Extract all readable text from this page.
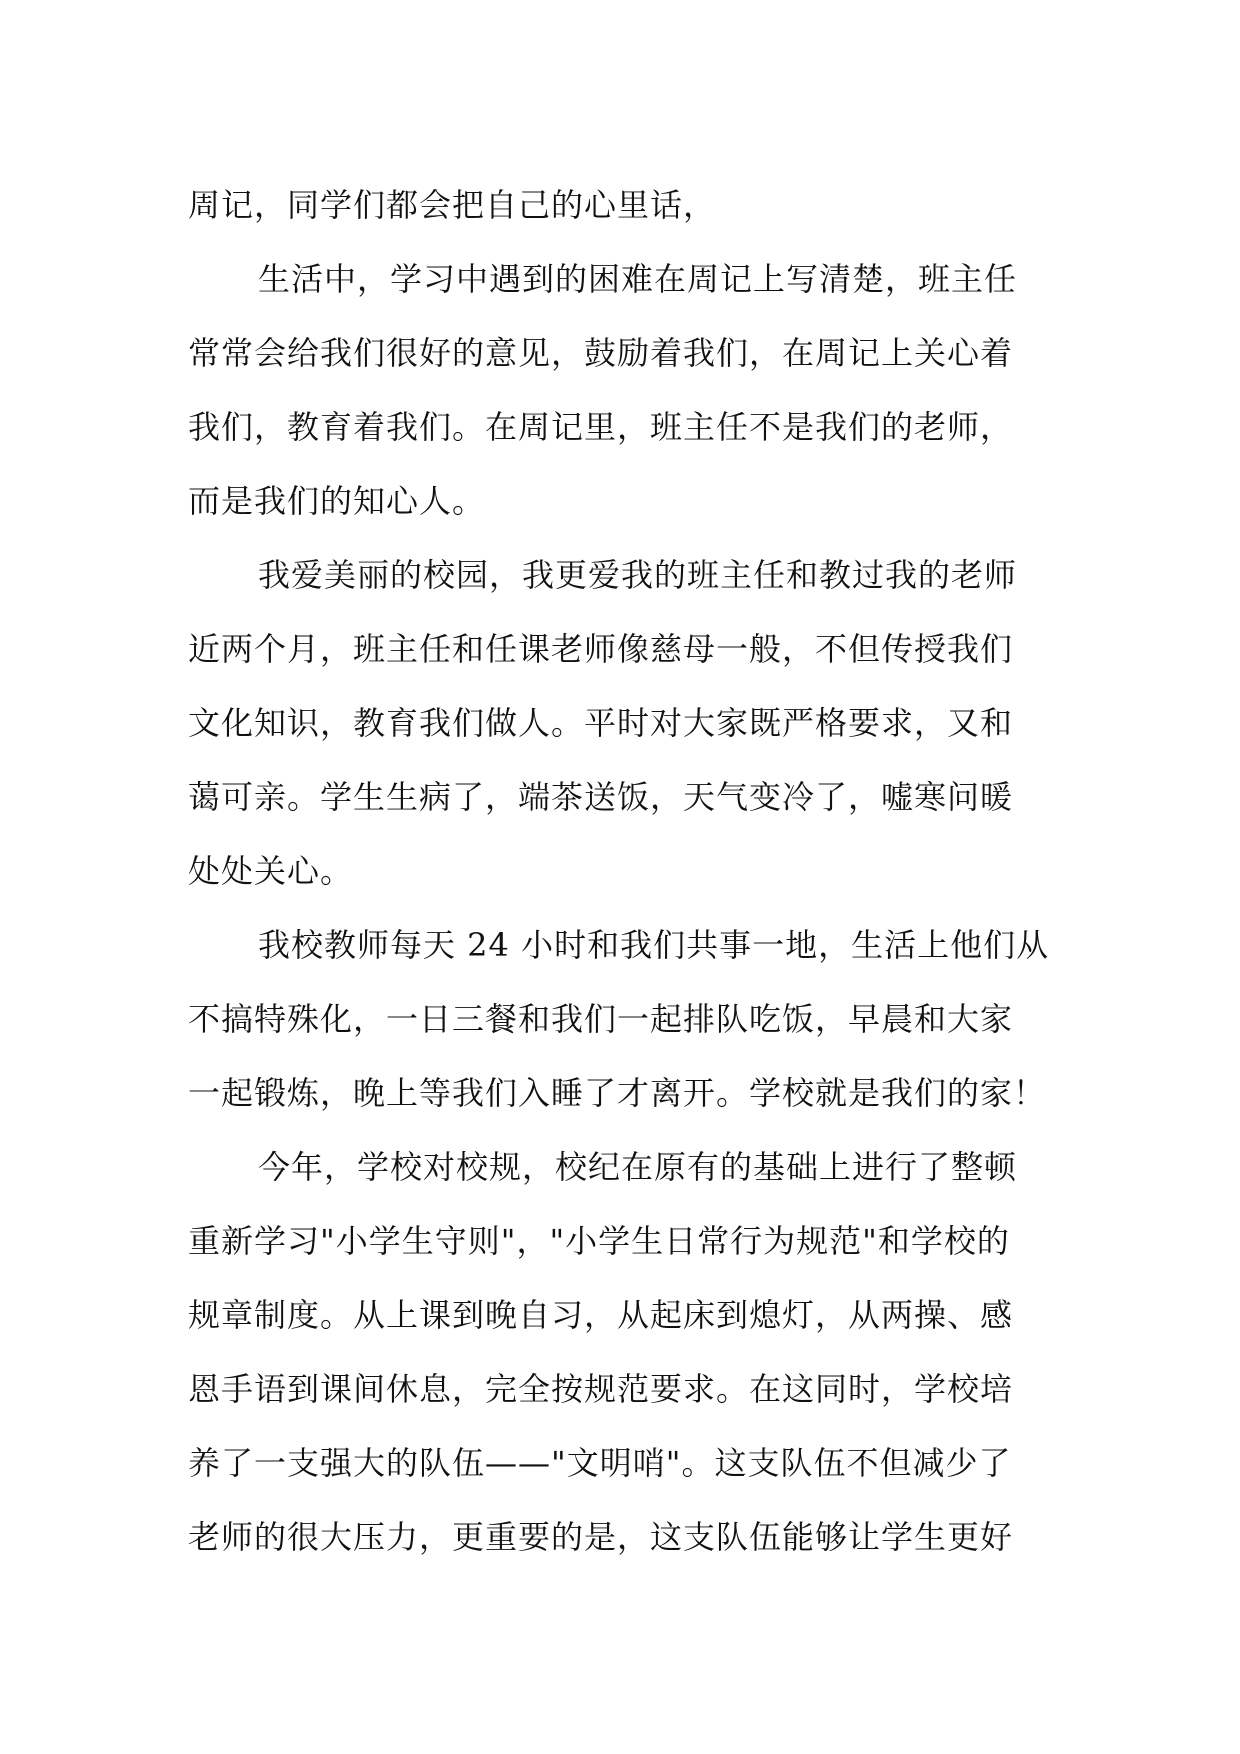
周记，同学们都会把自己的心里话，
生活中，学习中遇到的困难在周记上写清楚，班主任
常常会给我们很好的意见，鼓励着我们，在周记上关心着
我们，教育着我们。在周记里，班主任不是我们的老师，
而是我们的知心人。
我爱美丽的校园，我更爱我的班主任和教过我的老师
近两个月，班主任和任课老师像慈母一般，不但传授我们
文化知识，教育我们做人。平时对大家既严格要求，又和
蔼可亲。学生生病了，端茶送饭，天气变冷了，嘘寒问暖
处处关心。
我校教师每天 24 小时和我们共事一地，生活上他们从
不搞特殊化，一日三餐和我们一起排队吃饭，早晨和大家
一起锻炼，晚上等我们入睡了才离开。学校就是我们的家！
今年，学校对校规，校纪在原有的基础上进行了整顿
重新学习"小学生守则"，"小学生日常行为规范"和学校的
规章制度。从上课到晚自习，从起床到熄灯，从两操、感
恩手语到课间休息，完全按规范要求。在这同时，学校培
养了一支强大的队伍——"文明哨"。这支队伍不但减少了
老师的很大压力，更重要的是，这支队伍能够让学生更好
